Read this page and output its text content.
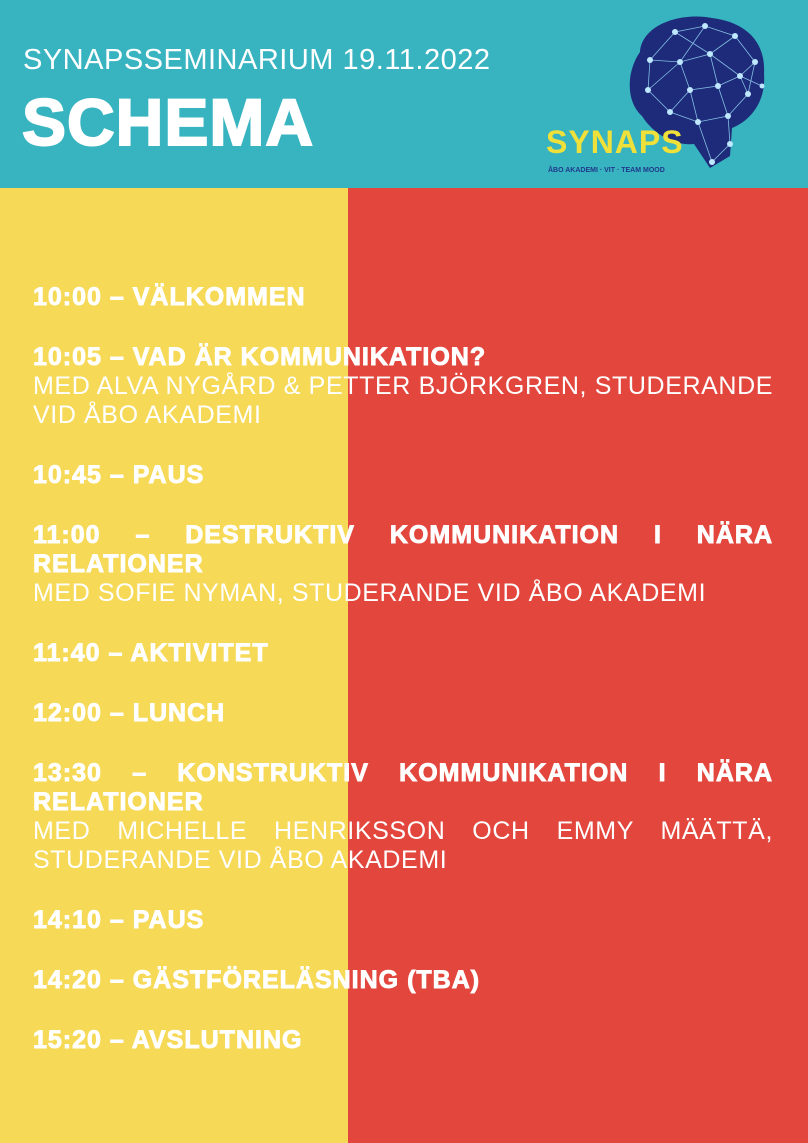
SYNAPSSEMINARIUM 19.11.2022
SCHEMA	SYNAPS
ÅBO AKADEMI · VIT · TEAM MOOD
10:00 – VÄLKOMMEN
10:05 – VAD ÄR KOMMUNIKATION?
MED ALVA NYGÅRD & PETTER BJÖRKGREN, STUDERANDE VID ÅBO AKADEMI
10:45 – PAUS
11:00 – DESTRUKTIV KOMMUNIKATION I NÄRA RELATIONER
MED SOFIE NYMAN, STUDERANDE VID ÅBO AKADEMI
11:40 – AKTIVITET
12:00 – LUNCH
13:30 – KONSTRUKTIV KOMMUNIKATION I NÄRA RELATIONER
MED MICHELLE HENRIKSSON OCH EMMY MÄÄTTÄ, STUDERANDE VID ÅBO AKADEMI
14:10 – PAUS
14:20 – GÄSTFÖRELÄSNING (TBA)
15:20 – AVSLUTNING
